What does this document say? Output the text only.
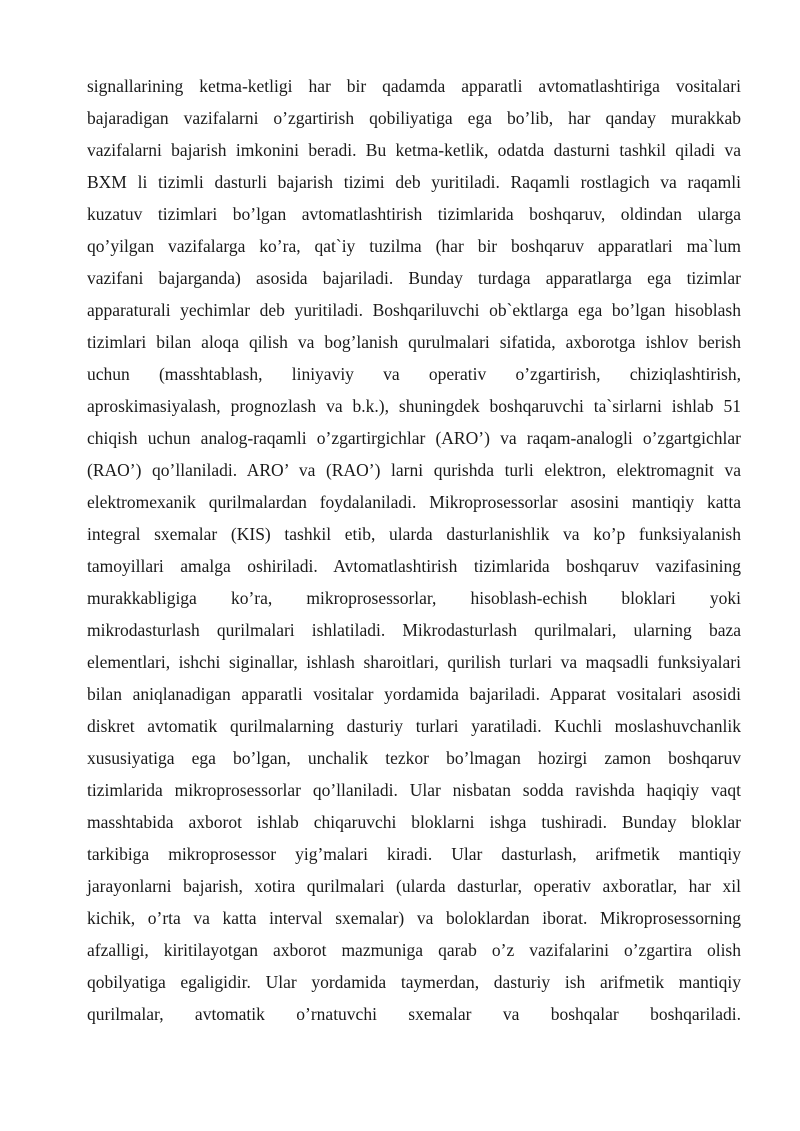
signallarining ketma-ketligi har bir qadamda apparatli avtomatlashtiriga vositalari
bajaradigan vazifalarni o’zgartirish qobiliyatiga ega bo’lib, har qanday murakkab
vazifalarni bajarish imkonini beradi. Bu ketma-ketlik, odatda dasturni tashkil qiladi va
BXM li tizimli dasturli bajarish tizimi deb yuritiladi. Raqamli rostlagich va raqamli
kuzatuv tizimlari bo’lgan avtomatlashtirish tizimlarida boshqaruv, oldindan ularga
qo’yilgan vazifalarga ko’ra, qat`iy tuzilma (har bir boshqaruv apparatlari ma`lum
vazifani bajarganda) asosida bajariladi. Bunday turdaga apparatlarga ega tizimlar
apparaturali yechimlar deb yuritiladi. Boshqariluvchi ob`ektlarga ega bo’lgan hisoblash
tizimlari bilan aloqa qilish va bog’lanish qurulmalari sifatida, axborotga ishlov berish
uchun (masshtablash, liniyaviy va operativ o’zgartirish, chiziqlashtirish,
aproskimasiyalash, prognozlash va b.k.), shuningdek boshqaruvchi ta`sirlarni ishlab 51
chiqish uchun analog-raqamli o’zgartirgichlar (ARO’) va raqam-analogli o’zgartgichlar
(RAO’) qo’llaniladi. ARO’ va (RAO’) larni qurishda turli elektron, elektromagnit va
elektromexanik qurilmalardan foydalaniladi. Mikroprosessorlar asosini mantiqiy katta
integral sxemalar (KIS) tashkil etib, ularda dasturlanishlik va ko’p funksiyalanish
tamoyillari amalga oshiriladi. Avtomatlashtirish tizimlarida boshqaruv vazifasining
murakkabligiga ko’ra, mikroprosessorlar, hisoblash-echish bloklari yoki
mikrodasturlash qurilmalari ishlatiladi. Mikrodasturlash qurilmalari, ularning baza
elementlari, ishchi siginallar, ishlash sharoitlari, qurilish turlari va maqsadli funksiyalari
bilan aniqlanadigan apparatli vositalar yordamida bajariladi. Apparat vositalari asosidi
diskret avtomatik qurilmalarning dasturiy turlari yaratiladi. Kuchli moslashuvchanlik
xususiyatiga ega bo’lgan, unchalik tezkor bo’lmagan hozirgi zamon boshqaruv
tizimlarida mikroprosessorlar qo’llaniladi. Ular nisbatan sodda ravishda haqiqiy vaqt
masshtabida axborot ishlab chiqaruvchi bloklarni ishga tushiradi. Bunday bloklar
tarkibiga mikroprosessor yig’malari kiradi. Ular dasturlash, arifmetik mantiqiy
jarayonlarni bajarish, xotira qurilmalari (ularda dasturlar, operativ axboratlar, har xil
kichik, o’rta va katta interval sxemalar) va boloklardan iborat. Mikroprosessorning
afzalligi, kiritilayotgan axborot mazmuniga qarab o’z vazifalarini o’zgartira olish
qobilyatiga egaligidir. Ular yordamida taymerdan, dasturiy ish arifmetik mantiqiy
qurilmalar, avtomatik o’rnatuvchi sxemalar va boshqalar boshqariladi.
